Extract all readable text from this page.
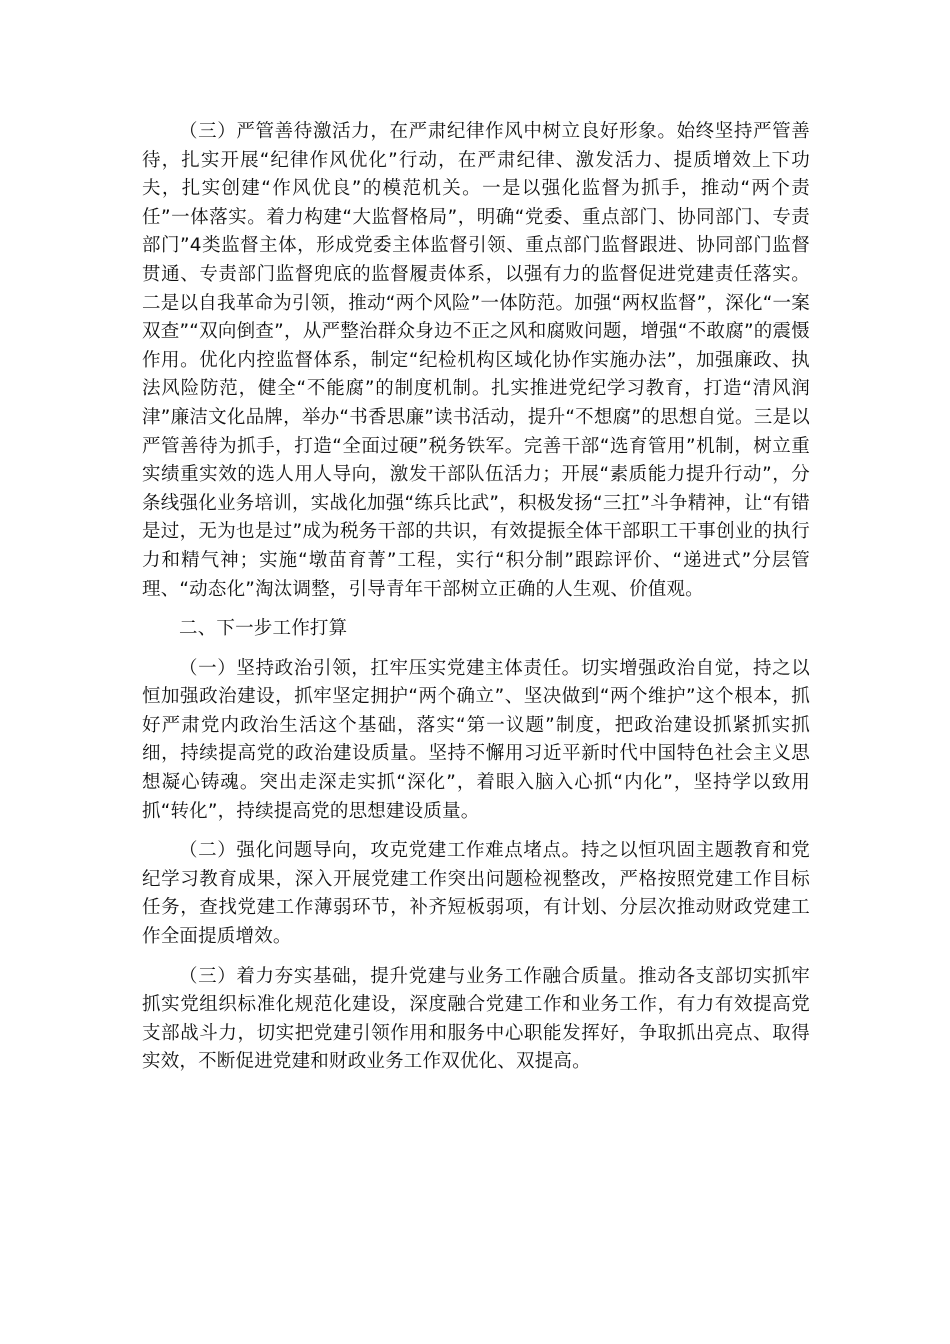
（三）严管善待激活力，在严肃纪律作风中树立良好形象。始终坚持严管善待，扎实开展“纪律作风优化”行动，在严肃纪律、激发活力、提质增效上下功夫，扎实创建“作风优良”的模范机关。一是以强化监督为抓手，推动“两个责任”一体落实。着力构建“大监督格局”，明确“党委、重点部门、协同部门、专责部门”4类监督主体，形成党委主体监督引领、重点部门监督跟进、协同部门监督贯通、专责部门监督兜底的监督履责体系，以强有力的监督促进党建责任落实。二是以自我革命为引领，推动“两个风险”一体防范。加强“两权监督”，深化“一案双查”“双向倒查”，从严整治群众身边不正之风和腐败问题，增强“不敢腐”的震慑作用。优化内控监督体系，制定“纪检机构区域化协作实施办法”，加强廉政、执法风险防范，健全“不能腐”的制度机制。扎实推进党纪学习教育，打造“清风润津”廉洁文化品牌，举办“书香思廉”读书活动，提升“不想腐”的思想自觉。三是以严管善待为抓手，打造“全面过硬”税务铁军。完善干部“选育管用”机制，树立重实绩重实效的选人用人导向，激发干部队伍活力；开展“素质能力提升行动”，分条线强化业务培训，实战化加强“练兵比武”，积极发扬“三扛”斗争精神，让“有错是过，无为也是过”成为税务干部的共识，有效提振全体干部职工干事创业的执行力和精气神；实施“墩苗育菁”工程，实行“积分制”跟踪评价、“递进式”分层管理、“动态化”淘汰调整，引导青年干部树立正确的人生观、价值观。

二、下一步工作打算

（一）坚持政治引领，扛牢压实党建主体责任。切实增强政治自觉，持之以恒加强政治建设，抓牢坚定拥护“两个确立”、坚决做到“两个维护”这个根本，抓好严肃党内政治生活这个基础，落实“第一议题”制度，把政治建设抓紧抓实抓细，持续提高党的政治建设质量。坚持不懈用习近平新时代中国特色社会主义思想凝心铸魂。突出走深走实抓“深化”，着眼入脑入心抓“内化”，坚持学以致用抓“转化”，持续提高党的思想建设质量。

（二）强化问题导向，攻克党建工作难点堵点。持之以恒巩固主题教育和党纪学习教育成果，深入开展党建工作突出问题检视整改，严格按照党建工作目标任务，查找党建工作薄弱环节，补齐短板弱项，有计划、分层次推动财政党建工作全面提质增效。

（三）着力夯实基础，提升党建与业务工作融合质量。推动各支部切实抓牢抓实党组织标准化规范化建设，深度融合党建工作和业务工作，有力有效提高党支部战斗力，切实把党建引领作用和服务中心职能发挥好，争取抓出亮点、取得实效，不断促进党建和财政业务工作双优化、双提高。
